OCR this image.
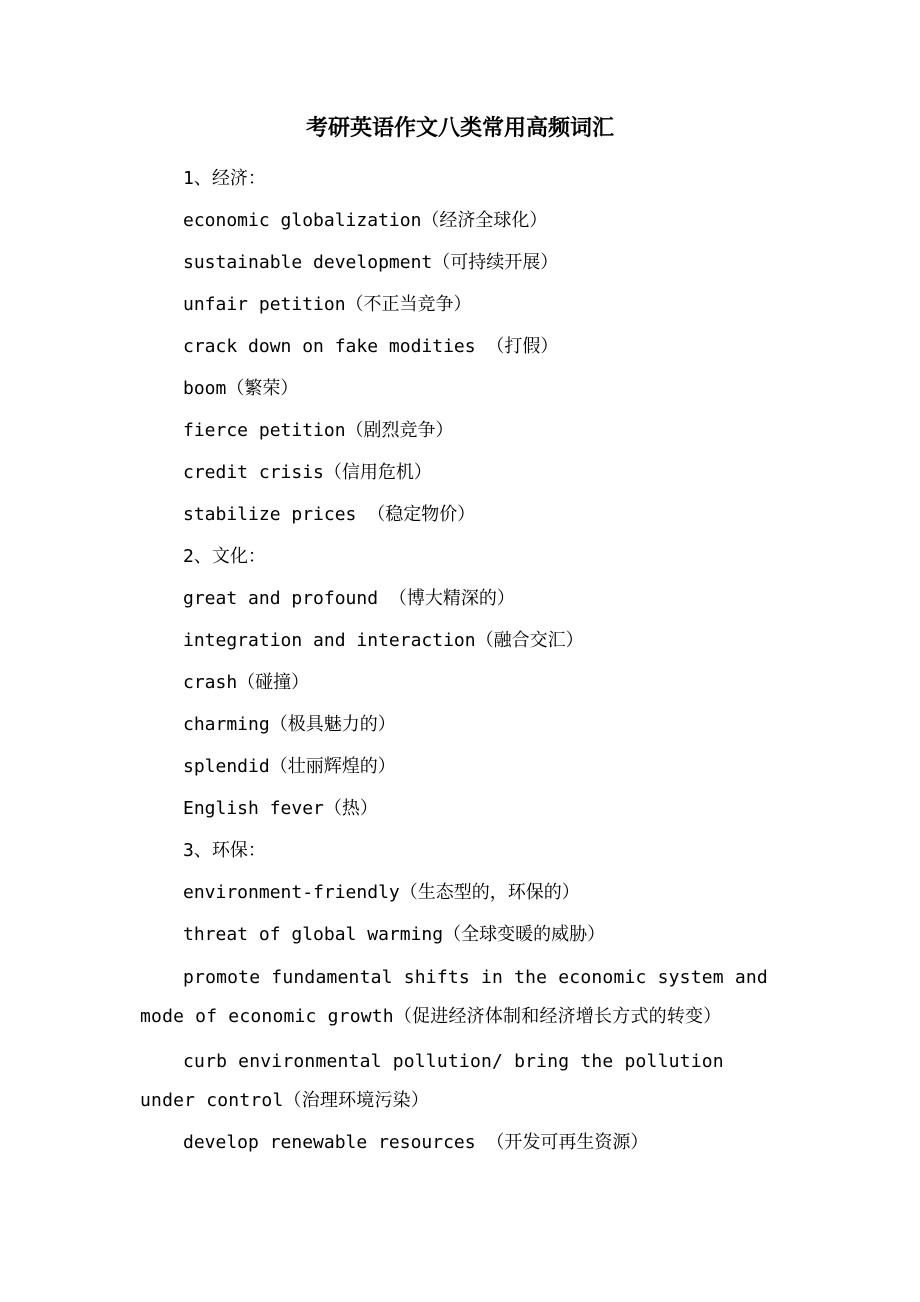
考研英语作文八类常用高频词汇
1、经济：
economic globalization（经济全球化）
sustainable development（可持续开展）
unfair petition（不正当竞争）
crack down on fake modities （打假）
boom（繁荣）
fierce petition（剧烈竞争）
credit crisis（信用危机）
stabilize prices （稳定物价）
2、文化：
great and profound （博大精深的）
integration and interaction（融合交汇）
crash（碰撞）
charming（极具魅力的）
splendid（壮丽辉煌的）
English fever（热）
3、环保：
environment-friendly（生态型的，环保的）
threat of global warming（全球变暖的威胁）

promote fundamental shifts in the economic system and mode of economic growth（促进经济体制和经济增长方式的转变）

curb environmental pollution/ bring the pollution under control（治理环境污染）

develop renewable resources （开发可再生资源）
